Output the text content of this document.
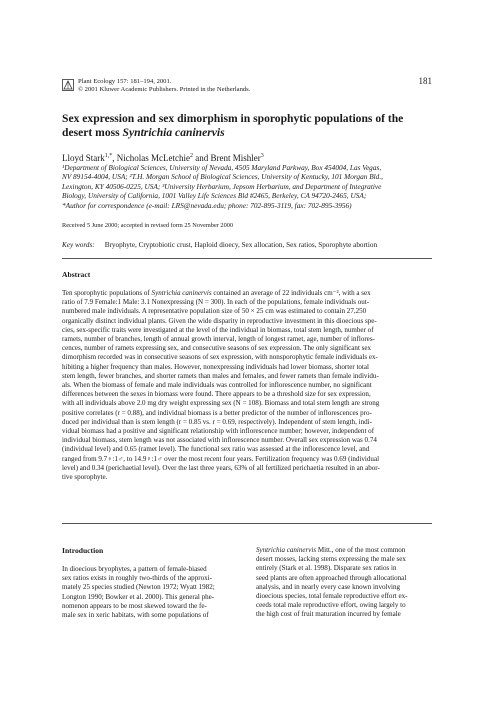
Plant Ecology 157: 181–194, 2001.
© 2001 Kluwer Academic Publishers. Printed in the Netherlands.
181
Sex expression and sex dimorphism in sporophytic populations of the
desert moss Syntrichia caninervis
Lloyd Stark$^{1,*}$, Nicholas McLetchie$^2$ and Brent Mishler$^3$
¹Department of Biological Sciences, University of Nevada, 4505 Maryland Parkway, Box 454004, Las Vegas,
NV 89154-4004, USA; ²T.H. Morgan School of Biological Sciences, University of Kentucky, 101 Morgan Bld.,
Lexington, KY 40506-0225, USA; ³University Herbarium, Jepsom Herbarium, and Department of Integrative
Biology, University of California, 1001 Valley Life Sciences Bld #2465, Berkeley, CA 94720-2465, USA;
*Author for correspondence (e-mail: LRS@nevada.edu; phone: 702-895-3119, fax: 702-895-3956)
Received 5 June 2000; accepted in revised form 25 November 2000
Key words: Bryophyte, Cryptobiotic crust, Haploid dioecy, Sex allocation, Sex ratios, Sporophyte abortion
Abstract
Ten sporophytic populations of Syntrichia caninervis contained an average of 22 individuals cm⁻², with a sex
ratio of 7.9 Female:1 Male: 3.1 Nonexpressing (N = 300). In each of the populations, female individuals out-
numbered male individuals. A representative population size of 50 × 25 cm was estimated to contain 27,250
organically distinct individual plants. Given the wide disparity in reproductive investment in this dioecious spe-
cies, sex-specific traits were investigated at the level of the individual in biomass, total stem length, number of
ramets, number of branches, length of annual growth interval, length of longest ramet, age, number of inflores-
cences, number of ramets expressing sex, and consecutive seasons of sex expression. The only significant sex
dimorphism recorded was in consecutive seasons of sex expression, with nonsporophytic female individuals ex-
hibiting a higher frequency than males. However, nonexpressing individuals had lower biomass, shorter total
stem length, fewer branches, and shorter ramets than males and females, and fewer ramets than female individu-
als. When the biomass of female and male individuals was controlled for inflorescence number, no significant
differences between the sexes in biomass were found. There appears to be a threshold size for sex expression,
with all individuals above 2.0 mg dry weight expressing sex (N = 108). Biomass and total stem length are strong
positive correlates (r = 0.88), and individual biomass is a better predictor of the number of inflorescences pro-
duced per individual than is stem length (r = 0.85 vs. r = 0.69, respectively). Independent of stem length, indi-
vidual biomass had a positive and significant relationship with inflorescence number; however, independent of
individual biomass, stem length was not associated with inflorescence number. Overall sex expression was 0.74
(individual level) and 0.65 (ramet level). The functional sex ratio was assessed at the inflorescence level, and
ranged from 9.7♀:1♂, to 14.9♀:1♂ over the most recent four years. Fertilization frequency was 0.69 (individual
level) and 0.34 (perichaetial level). Over the last three years, 63% of all fertilized perichaetia resulted in an abor-
tive sporophyte.
Introduction
In dioecious bryophytes, a pattern of female-biased
sex ratios exists in roughly two-thirds of the approxi-
mately 25 species studied (Newton 1972; Wyatt 1982;
Longton 1990; Bowker et al. 2000). This general phe-
nomenon appears to be most skewed toward the fe-
male sex in xeric habitats, with some populations of
Syntrichia caninervis Mitt., one of the most common
desert mosses, lacking stems expressing the male sex
entirely (Stark et al. 1998). Disparate sex ratios in
seed plants are often approached through allocational
analysis, and in nearly every case known involving
dioecious species, total female reproductive effort ex-
ceeds total male reproductive effort, owing largely to
the high cost of fruit maturation incurred by female
